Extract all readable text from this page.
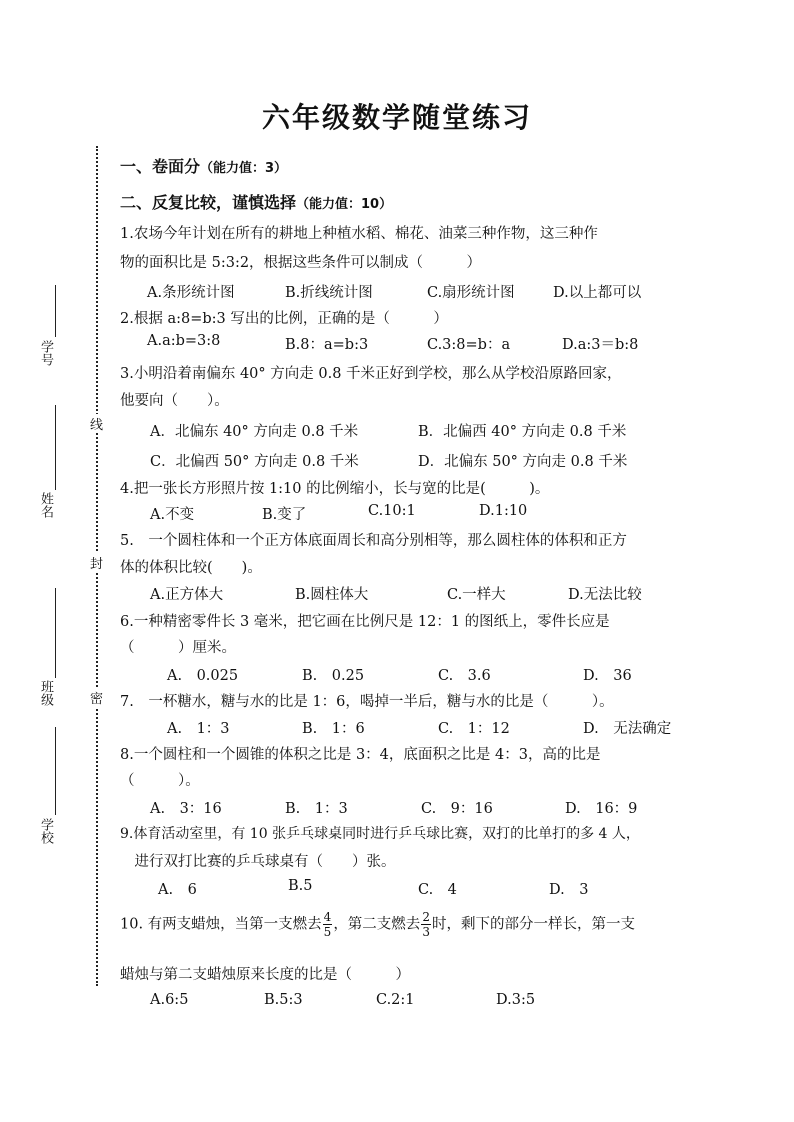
六年级数学随堂练习
线
封
密
学号
姓名
班级
学校
一、卷面分（能力值：3）
二、反复比较，谨慎选择（能力值：10）
1.农场今年计划在所有的耕地上种植水稻、棉花、油菜三种作物，这三种作
物的面积比是 5:3:2，根据这些条件可以制成（　　　）
A.条形统计图	B.折线统计图	C.扇形统计图	D.以上都可以
2.根据 a:8=b:3 写出的比例，正确的是（　　　）
A.a:b=3:8	B.8：a=b:3	C.3:8=b：a	D.a:3＝b:8
3.小明沿着南偏东 40° 方向走 0.8 千米正好到学校，那么从学校沿原路回家，
他要向（　　）。
A．北偏东 40° 方向走 0.8 千米	B．北偏西 40° 方向走 0.8 千米
C．北偏西 50° 方向走 0.8 千米	D．北偏东 50° 方向走 0.8 千米
4.把一张长方形照片按 1:10 的比例缩小，长与宽的比是(　　　)。
A.不变	B.变了	C.10:1	D.1:10
5.　一个圆柱体和一个正方体底面周长和高分别相等，那么圆柱体的体积和正方
体的体积比较(　　)。
A.正方体大	B.圆柱体大	C.一样大	D.无法比较
6.一种精密零件长 3 毫米，把它画在比例尺是 12：1 的图纸上，零件长应是
（　　　）厘米。
A.　0.025	B.　0.25	C.　3.6	D.　36
7.　一杯糖水，糖与水的比是 1：6，喝掉一半后，糖与水的比是（　　　）。
A.　1：3	B.　1：6	C.　1：12	D.　无法确定
8.一个圆柱和一个圆锥的体积之比是 3：4，底面积之比是 4：3，高的比是
（　　　）。
A.　3：16	B.　1：3	C.　9：16	D.　16：9
9.体育活动室里，有 10 张乒乓球桌同时进行乒乓球比赛，双打的比单打的多 4 人，
　进行双打比赛的乒乓球桌有（　　）张。
A.　6	B.5	C.　4	D.　3
10. 有两支蜡烛，当第一支燃去 $\frac{4}{5}$ ，第二支燃去 $\frac{2}{3}$ 时，剩下的部分一样长，第一支
蜡烛与第二支蜡烛原来长度的比是（　　　）
A.6:5	B.5:3	C.2:1	D.3:5
